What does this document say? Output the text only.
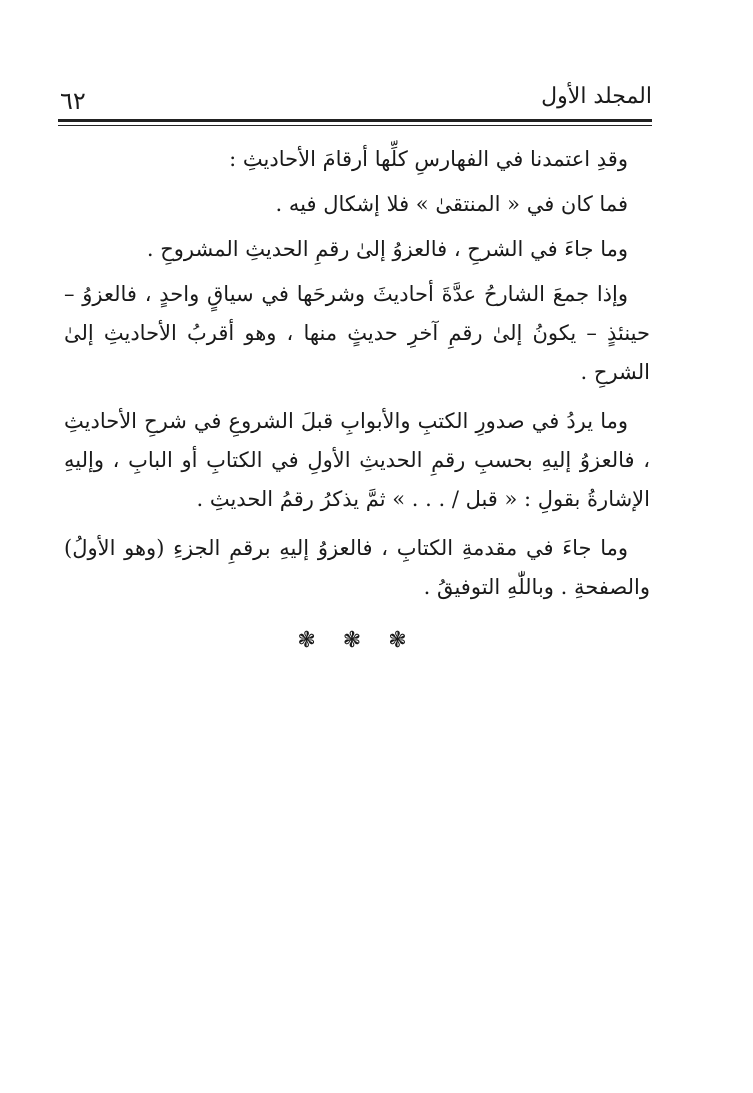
٦٢	المجلد الأول

وقدِ اعتمدنا في الفهارسِ كلِّها أرقامَ الأحاديثِ :

فما كان في « المنتقىٰ » فلا إشكال فيه .

وما جاءَ في الشرحِ ، فالعزوُ إلىٰ رقمِ الحديثِ المشروحِ .

وإذا جمعَ الشارحُ عدَّةَ أحاديثَ وشرحَها في سياقٍ واحدٍ ، فالعزوُ – حينئذٍ – يكونُ إلىٰ رقمِ آخرِ حديثٍ منها ، وهو أقربُ الأحاديثِ إلىٰ الشرحِ .

وما يردُ في صدورِ الكتبِ والأبوابِ قبلَ الشروعِ في شرحِ الأحاديثِ ، فالعزوُ إليهِ بحسبِ رقمِ الحديثِ الأولِ في الكتابِ أو البابِ ، وإليهِ الإشارةُ بقولِ : « قبل / . . . » ثمَّ يذكرُ رقمُ الحديثِ .

وما جاءَ في مقدمةِ الكتابِ ، فالعزوُ إليهِ برقمِ الجزءِ (وهو الأولُ) والصفحةِ . وباللّٰهِ التوفيقُ .

❃ ❃ ❃
